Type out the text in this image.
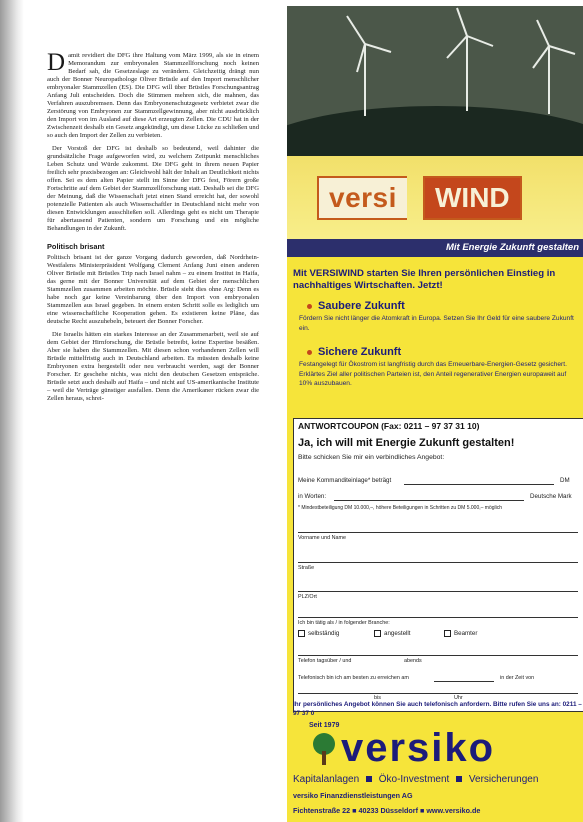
Damit revidiert die DFG ihre Haltung vom März 1999, als sie in einem Memorandum zur embryonalen Stammzellforschung noch keinen Bedarf sah, die Gesetzeslage zu verändern. Gleichzeitig drängt nun auch der Bonner Neuropathologe Oliver Brüstle auf den Import menschlicher embryonaler Stammzellen (ES). Die DFG will über Brüstles Forschungsantrag Anfang Juli entscheiden. Doch die Stimmen mehren sich, die mahnen, das Verfahren auszubremsen. Denn das Embryonenschutzgesetz verbietet zwar die Zerstörung von Embryonen zur Stammzellgewinnung, aber nicht ausdrücklich den Import von im Ausland auf diese Art erzeugten Zellen. Die CDU hat in der Zwischenzeit deshalb ein Gesetz angekündigt, um diese Lücke zu schließen und so auch den Import der Zellen zu verbieten.

Der Vorstoß der DFG ist deshalb so bedeutend, weil dahinter die grundsätzliche Frage aufgeworfen wird, zu welchem Zeitpunkt menschliches Leben Schutz und Würde zukommt. Die DFG geht in ihrem neuen Papier freilich sehr praxisbezogen an: Gleichwohl hält der Inhalt an Deutlichkeit nichts offen. Sei es dem alten Papier stellt im Sinne der DFG fest, Förern große Fortschritte auf dem Gebiet der Stammzellforschung statt. Deshalb sei die DFG der Meinung, daß die Wissenschaft jetzt einen Stand erreicht hat, der sowohl potenzielle Patienten als auch Wissenschaftler in Deutschland nicht mehr von diesen Entwicklungen ausschließen soll. Allerdings geht es nicht um Therapie für abertausend Patienten, sondern um Forschung und ein mögliche Behandlungen in der Zukunft.

Politisch brisant

Politisch brisant ist der ganze Vorgang dadurch geworden, daß Nordrhein-Westfalens Ministerpräsident Wolfgang Clement Anfang Juni einen anderen Oliver Brüstle mit Brüstles Trip nach Israel nahm – zu einem Institut in Haifa, das gerne mit der Bonner Universität auf dem Gebiet der menschlichen Stammzellen zusammen arbeiten möchte. Brüstle sieht dies ohne Arg: Denn es habe noch gar keine Vereinbarung über den Import von embryonalen Stammzellen aus Israel gegeben. In einem ersten Schritt solle es lediglich um eine wissenschaftliche Kooperation gehen. Es existieren keine Pläne, das deutsche Recht auszuhebeln, beteuert der Bonner Forscher.

Die Israelis hätten ein starkes Interesse an der Zusammenarbeit, weil sie auf dem Gebiet der Hirnforschung, die Brüstle betreibt, keine Expertise besäßen. Aber sie haben die Stammzellen. Mit diesen schon vorhandenen Zellen will Brüstle mittelfristig auch in Deutschland arbeiten. Es müssten deshalb keine Embryonen extra hergestellt oder neu verbraucht werden, sagt der Bonner Forscher. Er geschehe nichts, was nicht den deutschen Gesetzen entspräche. Brüstle setzt auch deshalb auf Haifa – und nicht auf US-amerikanische Institute – weil die Verträge günstiger ausfallen. Denn die Amerikaner rücken zwar die Zellen heraus, schrei-

versi	WIND
Mit Energie Zukunft gestalten
Mit VERSIWIND starten Sie Ihren persönlichen Einstieg in nachhaltiges Wirtschaften. Jetzt!
Saubere Zukunft
Fördern Sie nicht länger die Atomkraft in Europa. Setzen Sie Ihr Geld für eine saubere Zukunft ein.
Sichere Zukunft
Festangelegt für Ökostrom ist langfristig durch das Erneuerbare-Energien-Gesetz gesichert. Erklärtes Ziel aller politischen Parteien ist, den Anteil regenerativer Energien europaweit auf 10% auszubauen.
ANTWORTCOUPON (Fax: 0211 – 97 37 31 10)
Ja, ich will mit Energie Zukunft gestalten!
Bitte schicken Sie mir ein verbindliches Angebot:
Meine Kommanditeinlage* beträgt	DM
in Worten:	Deutsche Mark
* Mindestbeteiligung DM 10.000,–, höhere Beteiligungen in Schritten zu DM 5.000,– möglich
Vorname und Name
Straße
PLZ/Ort
Ich bin tätig als / in folgender Branche:
selbständig	angestellt	Beamter
Telefon tagsüber / und	abends
Telefonisch bin ich am besten zu erreichen am	in der Zeit von
bis	Uhr
Ihr persönliches Angebot können Sie auch telefonisch anfordern. Bitte rufen Sie uns an: 0211 – 97 37 0
Seit 1979
versiko
Kapitalanlagen Öko-Investment Versicherungen
versiko Finanzdienstleistungen AG
Fichtenstraße 22 ■ 40233 Düsseldorf ■ www.versiko.de
